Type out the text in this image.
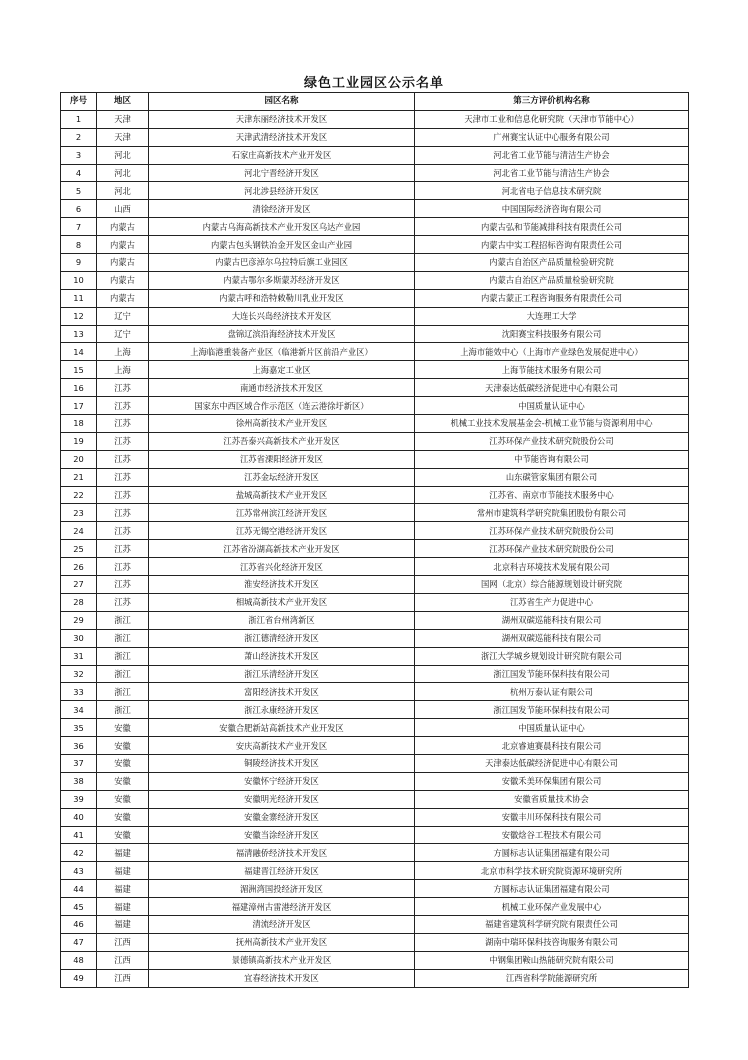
绿色工业园区公示名单
序号	地区	园区名称	第三方评价机构名称
1	天津	天津东丽经济技术开发区	天津市工业和信息化研究院（天津市节能中心）
2	天津	天津武清经济技术开发区	广州赛宝认证中心服务有限公司
3	河北	石家庄高新技术产业开发区	河北省工业节能与清洁生产协会
4	河北	河北宁晋经济开发区	河北省工业节能与清洁生产协会
5	河北	河北涉县经济开发区	河北省电子信息技术研究院
6	山西	清徐经济开发区	中国国际经济咨询有限公司
7	内蒙古	内蒙古乌海高新技术产业开发区乌达产业园	内蒙古弘和节能减排科技有限责任公司
8	内蒙古	内蒙古包头钢铁冶金开发区金山产业园	内蒙古中实工程招标咨询有限责任公司
9	内蒙古	内蒙古巴彦淖尔乌拉特后旗工业园区	内蒙古自治区产品质量检验研究院
10	内蒙古	内蒙古鄂尔多斯蒙苏经济开发区	内蒙古自治区产品质量检验研究院
11	内蒙古	内蒙古呼和浩特敕勒川乳业开发区	内蒙古蒙正工程咨询服务有限责任公司
12	辽宁	大连长兴岛经济技术开发区	大连理工大学
13	辽宁	盘锦辽滨沿海经济技术开发区	沈阳赛宝科技服务有限公司
14	上海	上海临港重装备产业区（临港新片区前沿产业区）	上海市能效中心（上海市产业绿色发展促进中心）
15	上海	上海嘉定工业区	上海节能技术服务有限公司
16	江苏	南通市经济技术开发区	天津泰达低碳经济促进中心有限公司
17	江苏	国家东中西区域合作示范区（连云港徐圩新区）	中国质量认证中心
18	江苏	徐州高新技术产业开发区	机械工业技术发展基金会-机械工业节能与资源利用中心
19	江苏	江苏吾泰兴高新技术产业开发区	江苏环保产业技术研究院股份公司
20	江苏	江苏省溧阳经济开发区	中节能咨询有限公司
21	江苏	江苏金坛经济开发区	山东碳管家集团有限公司
22	江苏	盐城高新技术产业开发区	江苏省、南京市节能技术服务中心
23	江苏	江苏常州滨江经济开发区	常州市建筑科学研究院集团股份有限公司
24	江苏	江苏无锡空港经济开发区	江苏环保产业技术研究院股份公司
25	江苏	江苏省汾湖高新技术产业开发区	江苏环保产业技术研究院股份公司
26	江苏	江苏省兴化经济开发区	北京科吉环境技术发展有限公司
27	江苏	淮安经济技术开发区	国网（北京）综合能源规划设计研究院
28	江苏	相城高新技术产业开发区	江苏省生产力促进中心
29	浙江	浙江省台州湾新区	湖州双碳巡能科技有限公司
30	浙江	浙江德清经济开发区	湖州双碳巡能科技有限公司
31	浙江	萧山经济技术开发区	浙江大学城乡规划设计研究院有限公司
32	浙江	浙江乐清经济开发区	浙江国发节能环保科技有限公司
33	浙江	富阳经济技术开发区	杭州万泰认证有限公司
34	浙江	浙江永康经济开发区	浙江国发节能环保科技有限公司
35	安徽	安徽合肥新站高新技术产业开发区	中国质量认证中心
36	安徽	安庆高新技术产业开发区	北京睿迪赛晨科技有限公司
37	安徽	铜陵经济技术开发区	天津泰达低碳经济促进中心有限公司
38	安徽	安徽怀宁经济开发区	安徽禾美环保集团有限公司
39	安徽	安徽明光经济开发区	安徽省质量技术协会
40	安徽	安徽金寨经济开发区	安徽丰川环保科技有限公司
41	安徽	安徽当涂经济开发区	安徽焓谷工程技术有限公司
42	福建	福清融侨经济技术开发区	方圆标志认证集团福建有限公司
43	福建	福建晋江经济开发区	北京市科学技术研究院资源环境研究所
44	福建	湄洲湾国投经济开发区	方圆标志认证集团福建有限公司
45	福建	福建漳州古雷港经济开发区	机械工业环保产业发展中心
46	福建	清流经济开发区	福建省建筑科学研究院有限责任公司
47	江西	抚州高新技术产业开发区	湖南中瑞环保科技咨询服务有限公司
48	江西	景德镇高新技术产业开发区	中钢集团鞍山热能研究院有限公司
49	江西	宜春经济技术开发区	江西省科学院能源研究所
